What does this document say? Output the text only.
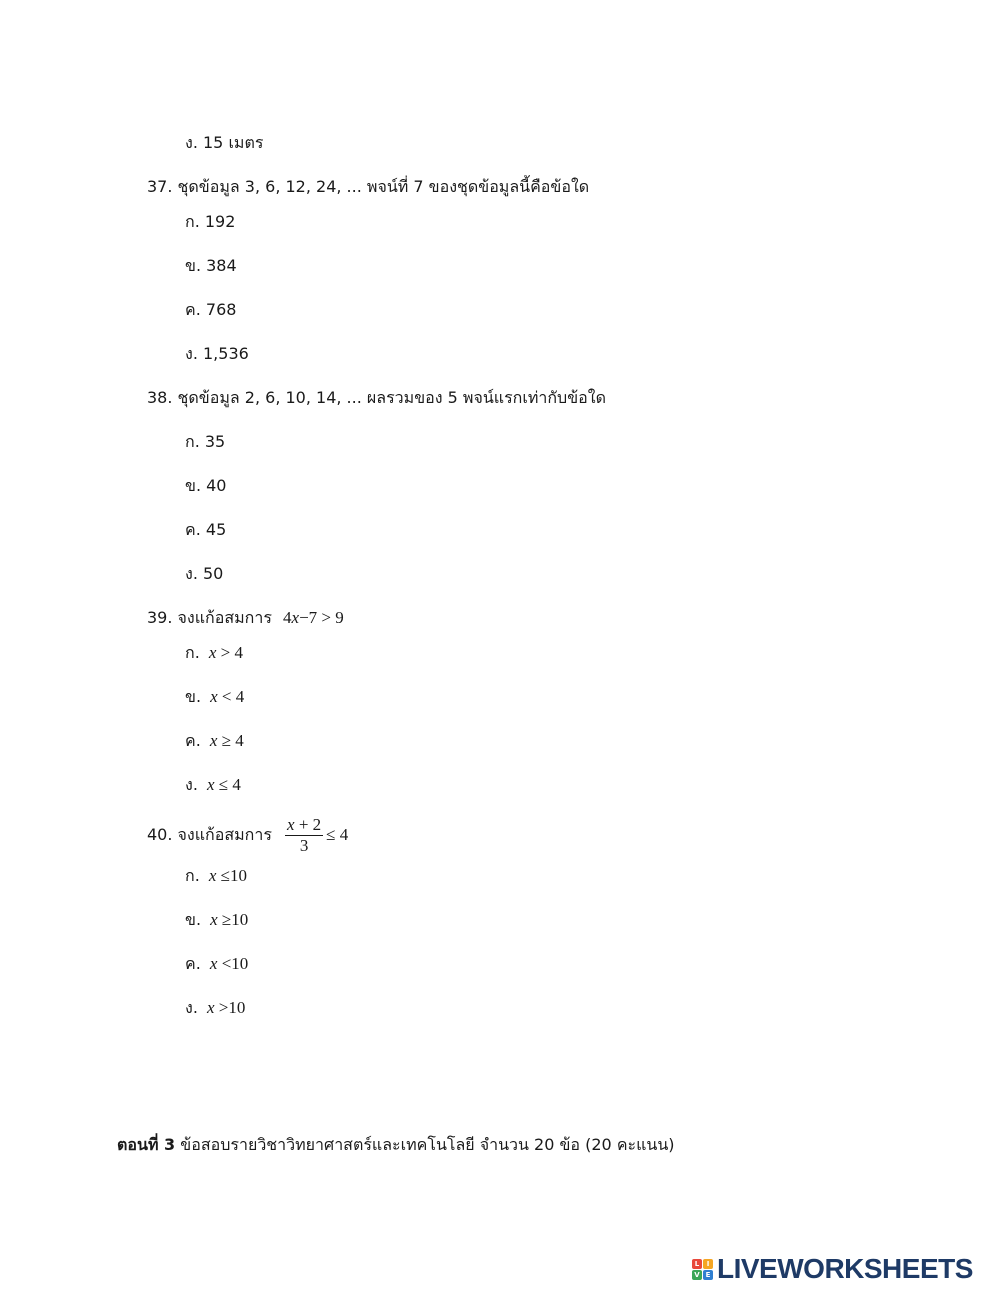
ง. 15 เมตร
37. ชุดข้อมูล 3, 6, 12, 24, ... พจน์ที่ 7 ของชุดข้อมูลนี้คือข้อใด
ก. 192
ข. 384
ค. 768
ง. 1,536
38. ชุดข้อมูล 2, 6, 10, 14, ... ผลรวมของ 5 พจน์แรกเท่ากับข้อใด
ก. 35
ข. 40
ค. 45
ง. 50
39. จงแก้อสมการ 4x−7 > 9
ก. x > 4
ข. x < 4
ค. x ≥ 4
ง. x ≤ 4
40. จงแก้อสมการ $\frac{x + 2}{3} \le 4$
ก. x ≤10
ข. x ≥10
ค. x <10
ง. x >10
ตอนที่ 3 ข้อสอบรายวิชาวิทยาศาสตร์และเทคโนโลยี จำนวน 20 ข้อ (20 คะแนน)
L	I
V E LIVEWORKSHEETS
